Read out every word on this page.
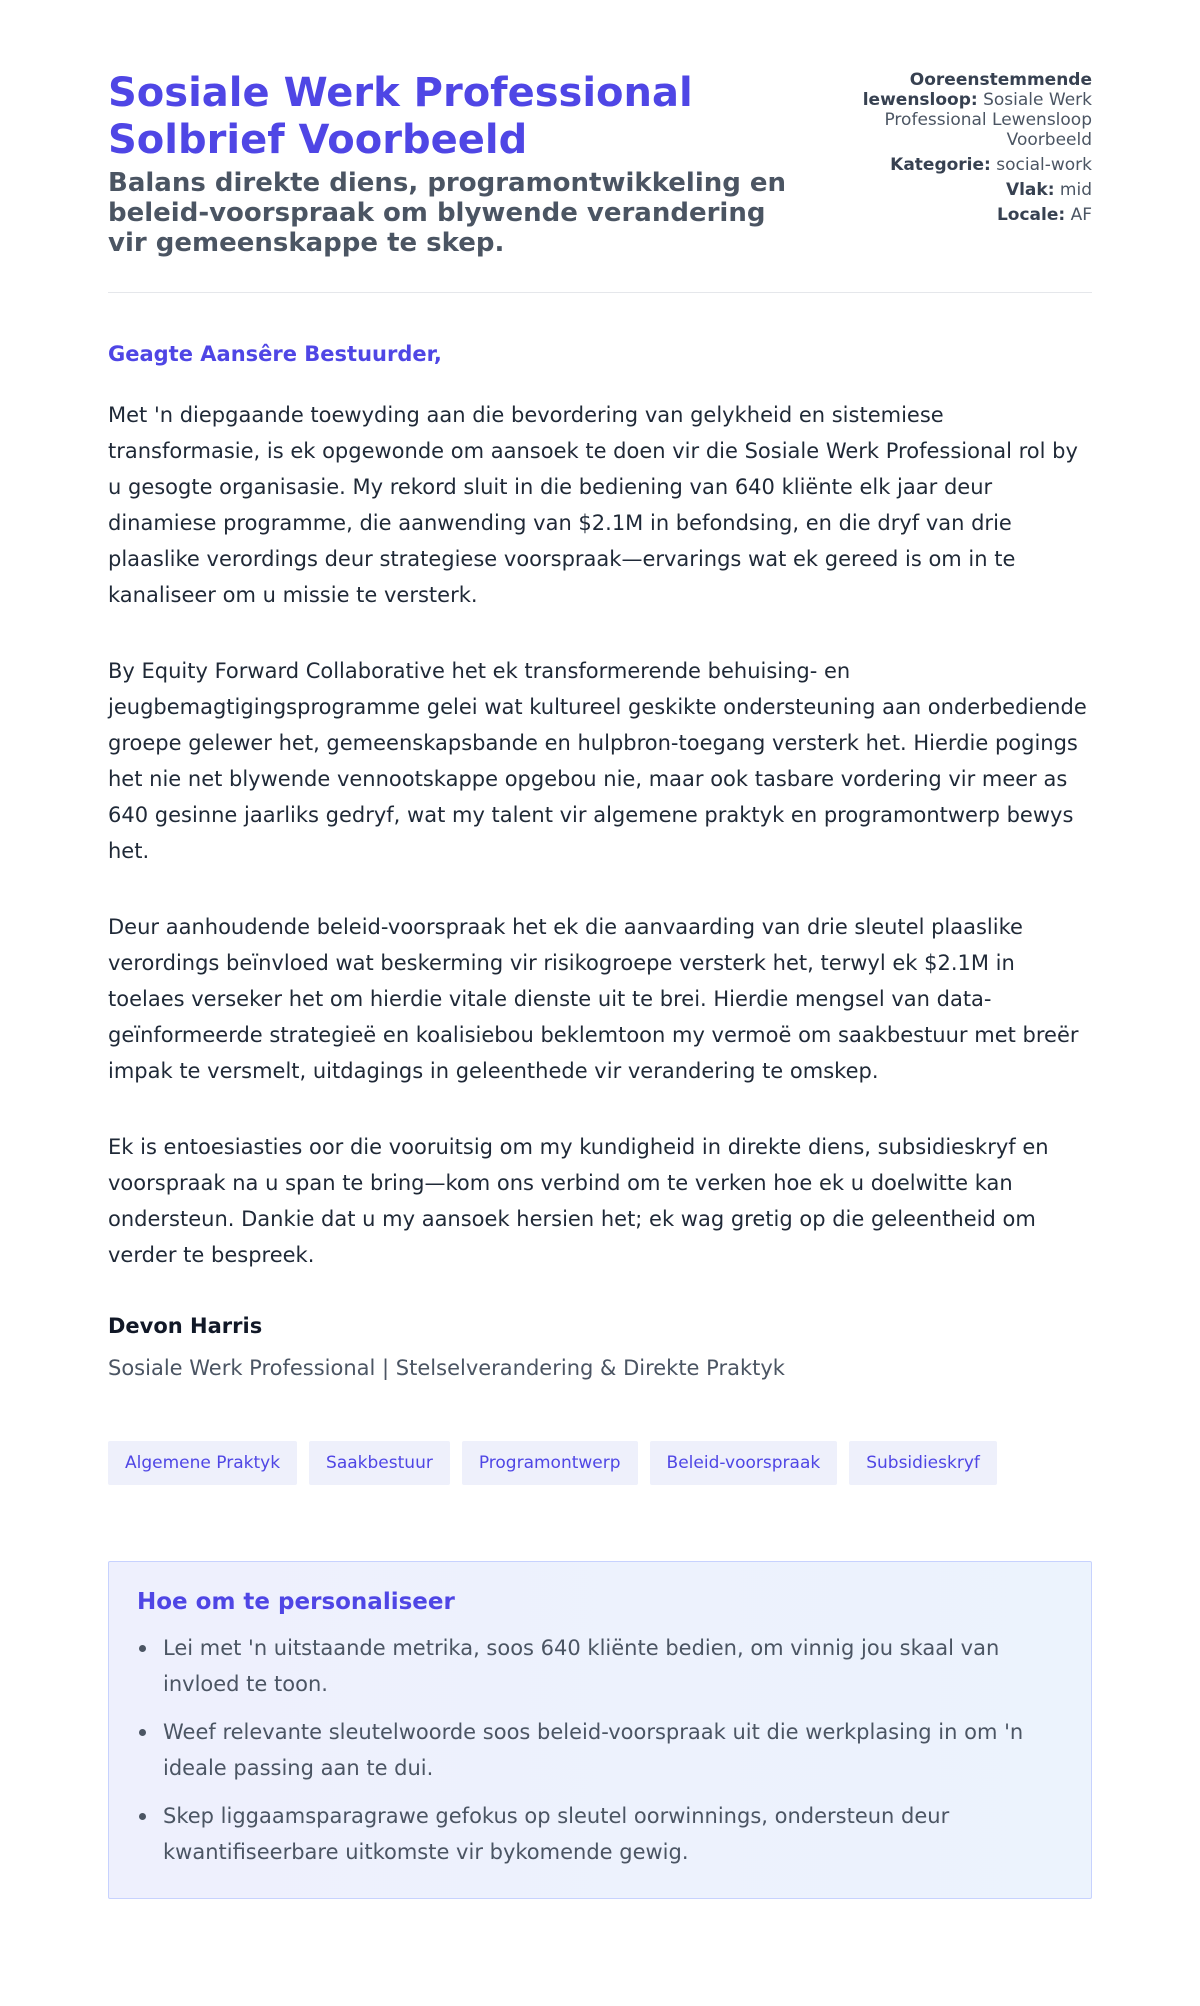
Sosiale Werk Professional Solbrief Voorbeeld
Balans direkte diens, programontwikkeling en beleid-voorspraak om blywende verandering vir gemeenskappe te skep.
Ooreenstemmende lewensloop: Sosiale Werk Professional Lewensloop Voorbeeld
Kategorie: social-work
Vlak: mid
Locale: AF
Geagte Aansêre Bestuurder,

Met 'n diepgaande toewyding aan die bevordering van gelykheid en sistemiese transformasie, is ek opgewonde om aansoek te doen vir die Sosiale Werk Professional rol by u gesogte organisasie. My rekord sluit in die bediening van 640 kliënte elk jaar deur dinamiese programme, die aanwending van $2.1M in befondsing, en die dryf van drie plaaslike verordings deur strategiese voorspraak—ervarings wat ek gereed is om in te kanaliseer om u missie te versterk.

By Equity Forward Collaborative het ek transformerende behuising- en jeugbemagtigingsprogramme gelei wat kultureel geskikte ondersteuning aan onderbediende groepe gelewer het, gemeenskapsbande en hulpbron-toegang versterk het. Hierdie pogings het nie net blywende vennootskappe opgebou nie, maar ook tasbare vordering vir meer as 640 gesinne jaarliks gedryf, wat my talent vir algemene praktyk en programontwerp bewys het.

Deur aanhoudende beleid-voorspraak het ek die aanvaarding van drie sleutel plaaslike verordings beïnvloed wat beskerming vir risikogroepe versterk het, terwyl ek $2.1M in toelaes verseker het om hierdie vitale dienste uit te brei. Hierdie mengsel van data-geïnformeerde strategieë en koalisiebou beklemtoon my vermoë om saakbestuur met breër impak te versmelt, uitdagings in geleenthede vir verandering te omskep.

Ek is entoesiasties oor die vooruitsig om my kundigheid in direkte diens, subsidieskryf en voorspraak na u span te bring—kom ons verbind om te verken hoe ek u doelwitte kan ondersteun. Dankie dat u my aansoek hersien het; ek wag gretig op die geleentheid om verder te bespreek.

Devon Harris
Sosiale Werk Professional | Stelselverandering & Direkte Praktyk
Algemene Praktyk	Saakbestuur	Programontwerp	Beleid-voorspraak	Subsidieskryf
Hoe om te personaliseer
Lei met 'n uitstaande metrika, soos 640 kliënte bedien, om vinnig jou skaal van invloed te toon.
Weef relevante sleutelwoorde soos beleid-voorspraak uit die werkplasing in om 'n ideale passing aan te dui.
Skep liggaamsparagrawe gefokus op sleutel oorwinnings, ondersteun deur kwantifiseerbare uitkomste vir bykomende gewig.
